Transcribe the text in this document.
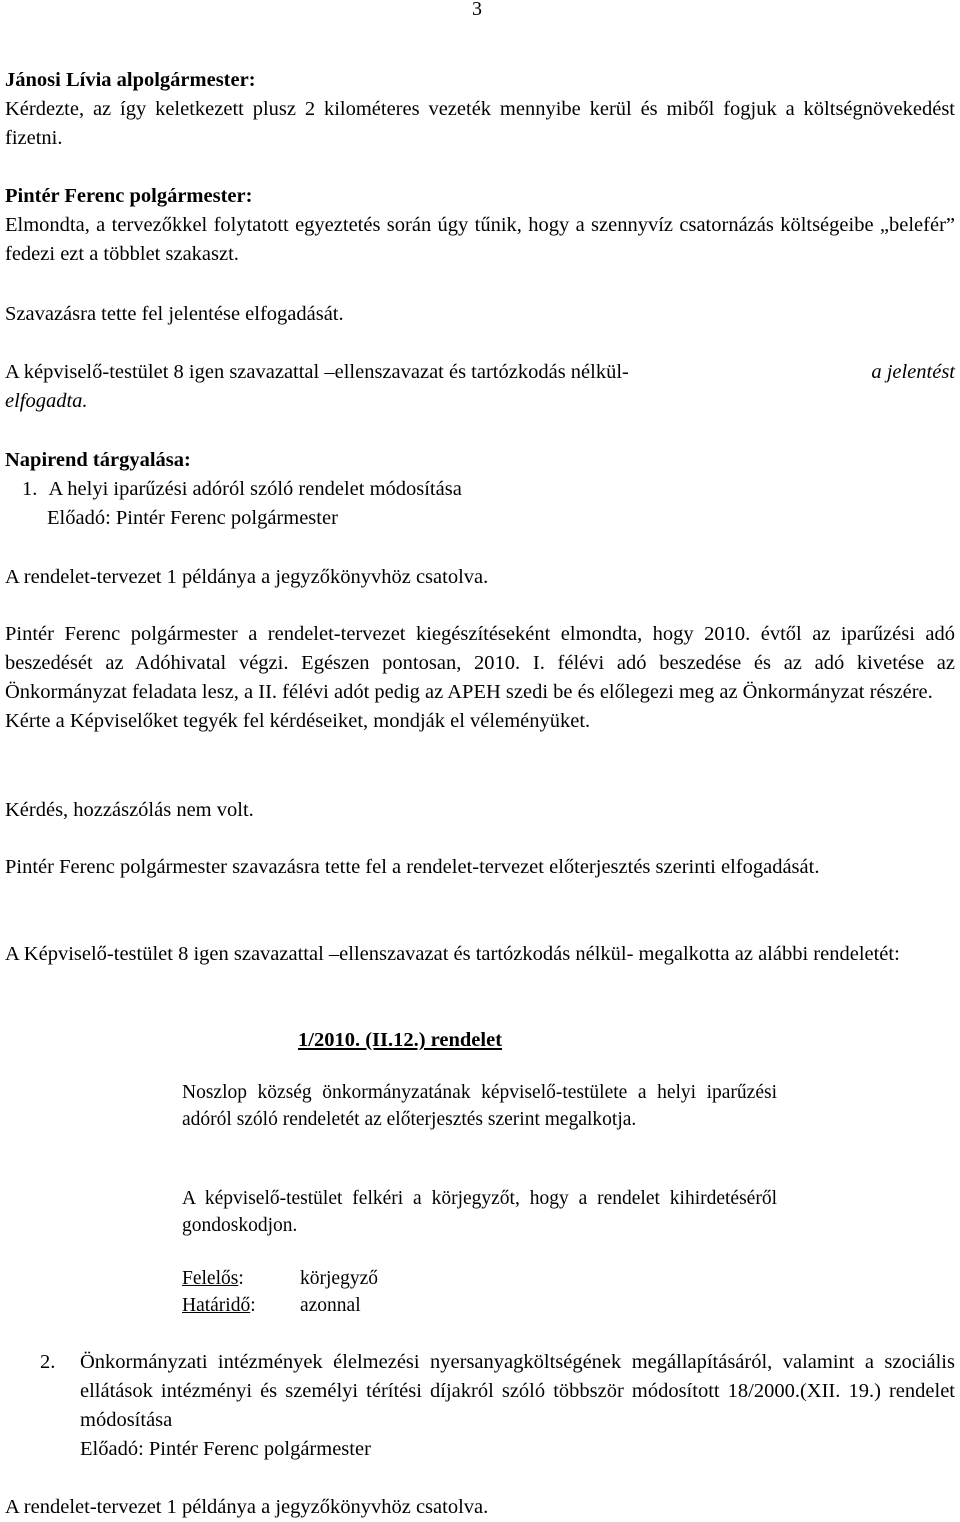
3

Jánosi Lívia alpolgármester:

Kérdezte, az így keletkezett plusz 2 kilométeres vezeték mennyibe kerül és miből fogjuk a költségnövekedést fizetni.

Pintér Ferenc polgármester:

Elmondta, a tervezőkkel folytatott egyeztetés során úgy tűnik, hogy a szennyvíz csatornázás költségeibe „belefér” fedezi ezt a többlet szakaszt.

Szavazásra tette fel jelentése elfogadását.

A képviselő-testület 8 igen szavazattal –ellenszavazat és tartózkodás nélkül-	a jelentést

elfogadta.

Napirend tárgyalása:

1. A helyi iparűzési adóról szóló rendelet módosítása

Előadó: Pintér Ferenc polgármester

A rendelet-tervezet 1 példánya a jegyzőkönyvhöz csatolva.

Pintér Ferenc polgármester a rendelet-tervezet kiegészítéseként elmondta, hogy 2010. évtől az iparűzési adó beszedését az Adóhivatal végzi. Egészen pontosan, 2010. I. félévi adó beszedése és az adó kivetése az Önkormányzat feladata lesz, a II. félévi adót pedig az APEH szedi be és előlegezi meg az Önkormányzat részére.

Kérte a Képviselőket tegyék fel kérdéseiket, mondják el véleményüket.

Kérdés, hozzászólás nem volt.

Pintér Ferenc polgármester szavazásra tette fel a rendelet-tervezet előterjesztés szerinti elfogadását.

A Képviselő-testület 8 igen szavazattal –ellenszavazat és tartózkodás nélkül- megalkotta az alábbi rendeletét:

1/2010. (II.12.) rendelet

Noszlop község önkormányzatának képviselő-testülete a helyi iparűzési adóról szóló rendeletét az előterjesztés szerint megalkotja.

A képviselő-testület felkéri a körjegyzőt, hogy a rendelet kihirdetéséről gondoskodjon.

Felelős:	körjegyző
Határidő: azonnal

2.	Önkormányzati intézmények élelmezési nyersanyagköltségének megállapításáról, valamint a szociális ellátások intézményi és személyi térítési díjakról szóló többször módosított 18/2000.(XII. 19.) rendelet módosítása

Előadó: Pintér Ferenc polgármester

A rendelet-tervezet 1 példánya a jegyzőkönyvhöz csatolva.
